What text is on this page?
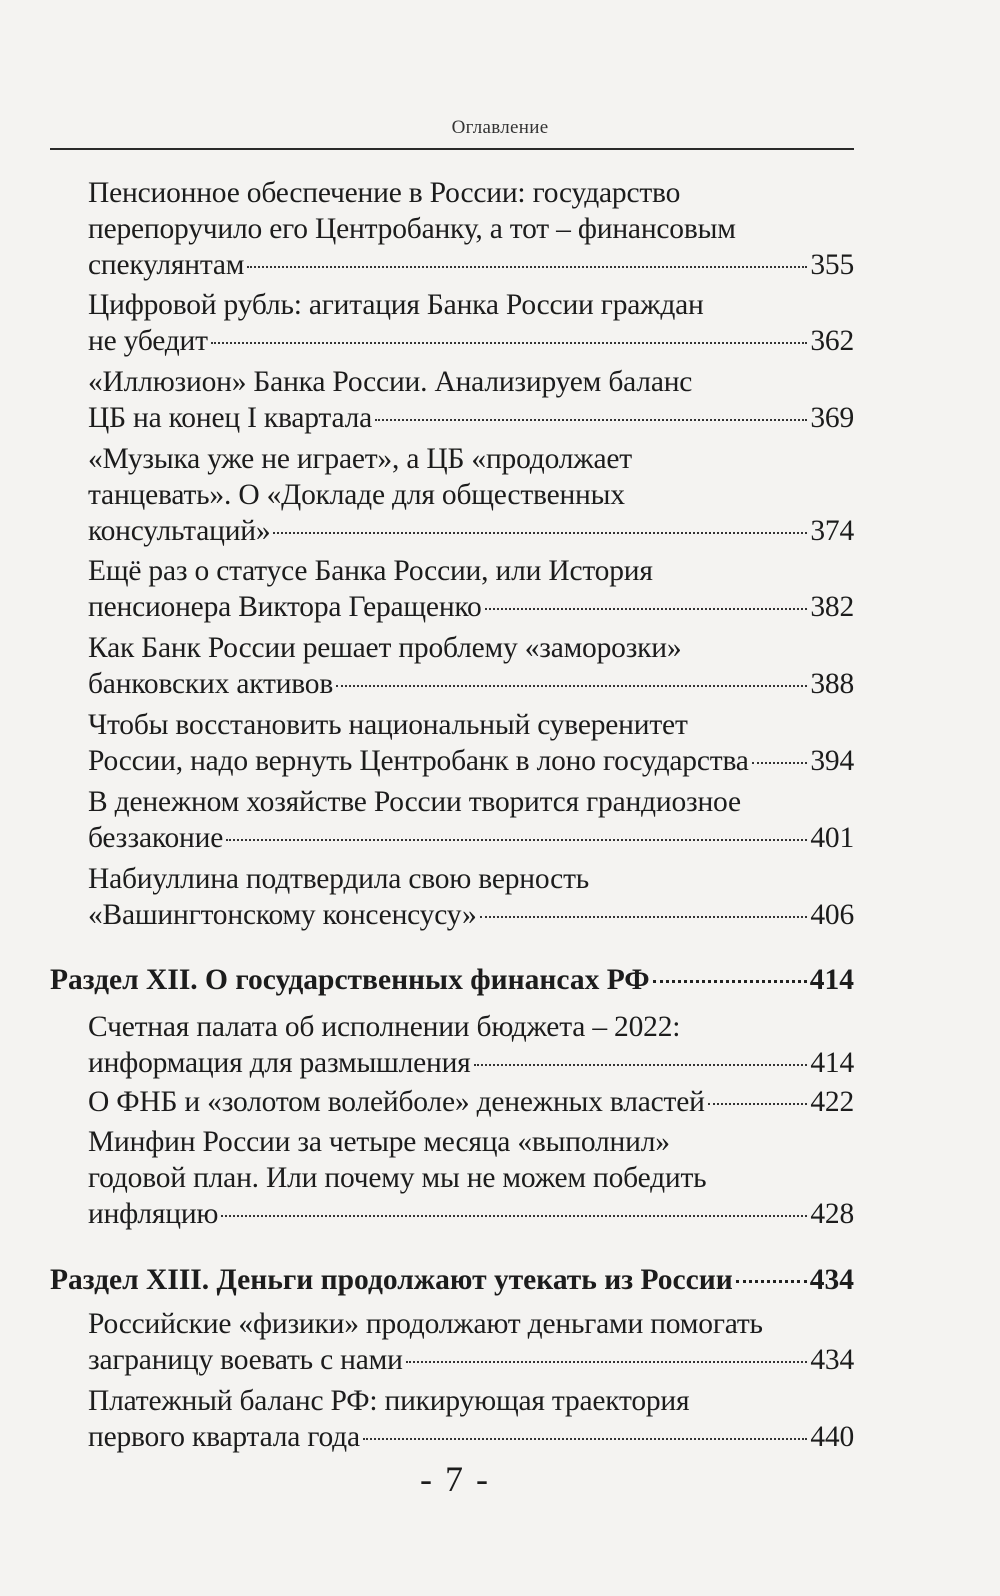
Оглавление
Пенсионное обеспечение в России: государство
перепоручило его Центробанку, а тот – финансовым
спекулянтам	355
Цифровой рубль: агитация Банка России граждан
не убедит	362
«Иллюзион» Банка России. Анализируем баланс
ЦБ на конец I квартала	369
«Музыка уже не играет», а ЦБ «продолжает
танцевать». О «Докладе для общественных
консультаций»	374
Ещё раз о статусе Банка России, или История
пенсионера Виктора Геращенко	382
Как Банк России решает проблему «заморозки»
банковских активов	388
Чтобы восстановить национальный суверенитет
России, надо вернуть Центробанк в лоно государства 394
В денежном хозяйстве России творится грандиозное
беззаконие	401
Набиуллина подтвердила свою верность
«Вашингтонскому консенсусу»	406
Раздел XII. О государственных финансах РФ	414
Счетная палата об исполнении бюджета – 2022:
информация для размышления	414
О ФНБ и «золотом волейболе» денежных властей	422
Минфин России за четыре месяца «выполнил»
годовой план. Или почему мы не можем победить
инфляцию	428
Раздел XIII. Деньги продолжают утекать из России	434
Российские «физики» продолжают деньгами помогать
заграницу воевать с нами	434
Платежный баланс РФ: пикирующая траектория
первого квартала года	440
- 7 -
